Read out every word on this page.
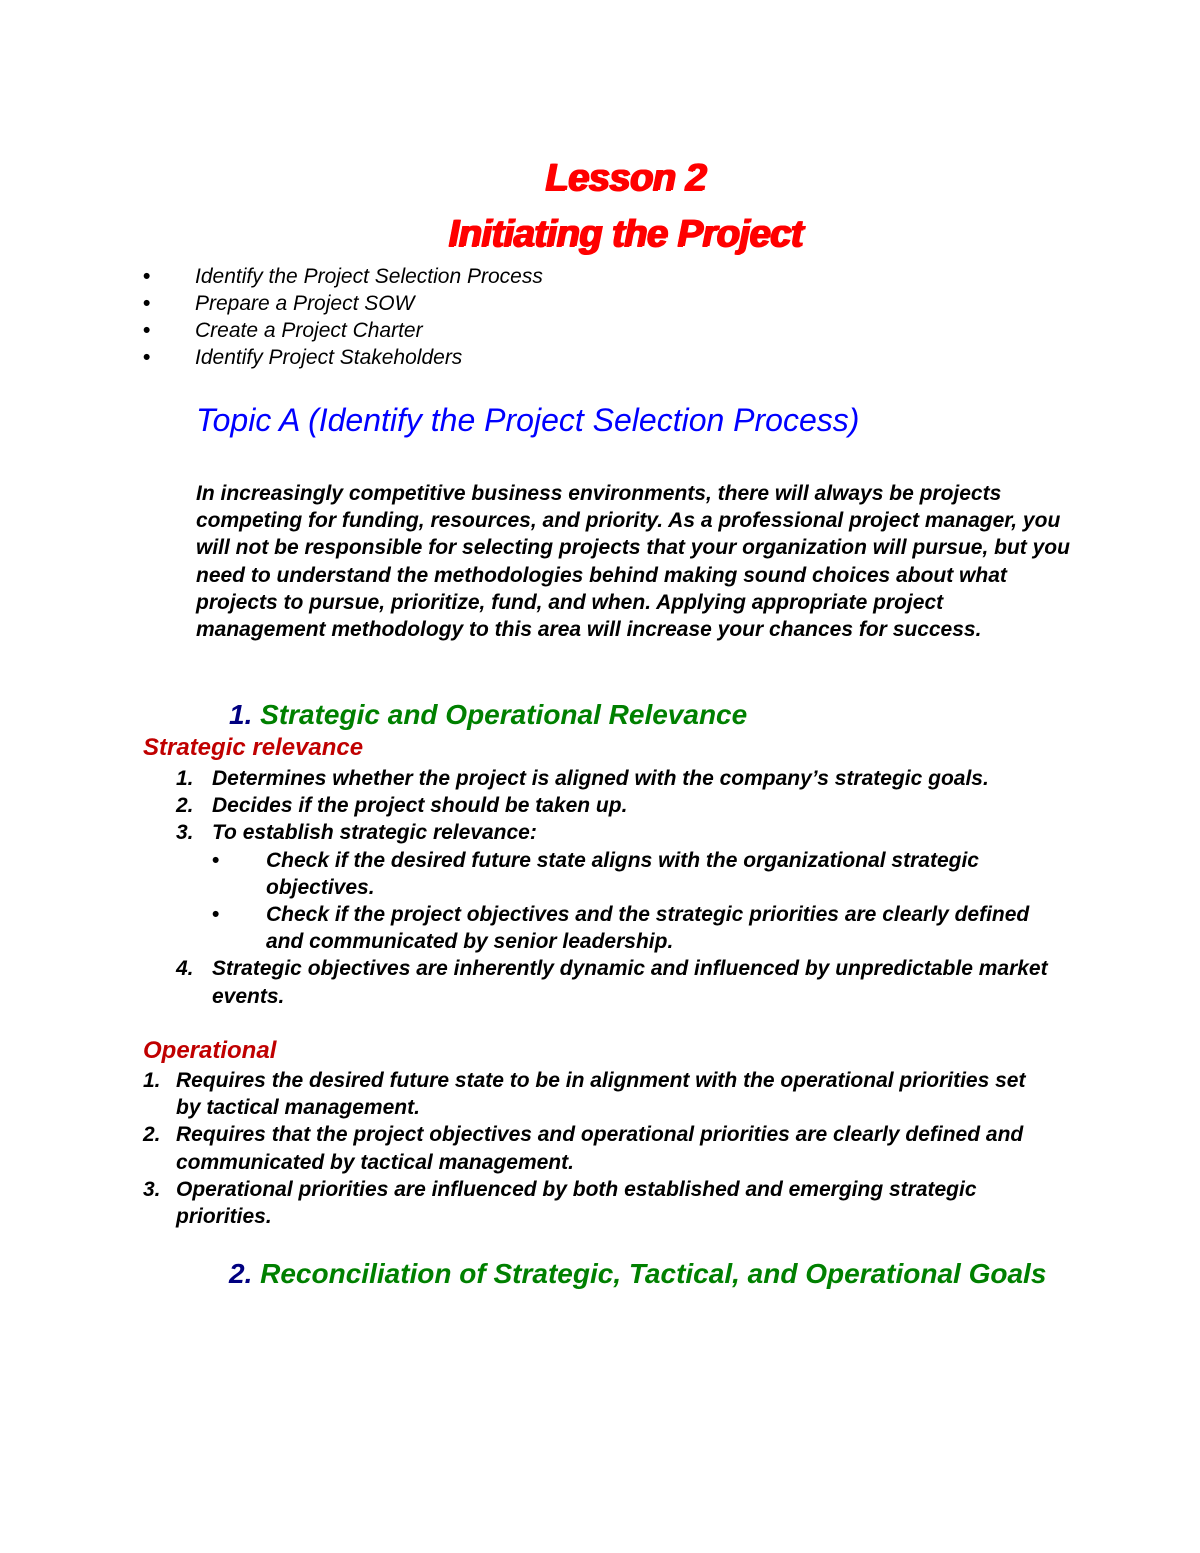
Lesson 2
Initiating the Project
• Identify the Project Selection Process
• Prepare a Project SOW
• Create a Project Charter
• Identify Project Stakeholders
Topic A (Identify the Project Selection Process)

In increasingly competitive business environments, there will always be projects competing for funding, resources, and priority. As a professional project manager, you will not be responsible for selecting projects that your organization will pursue, but you need to understand the methodologies behind making sound choices about what projects to pursue, prioritize, fund, and when. Applying appropriate project management methodology to this area will increase your chances for success.

1. Strategic and Operational Relevance
Strategic relevance
1. Determines whether the project is aligned with the company’s strategic goals.
2. Decides if the project should be taken up.
3. To establish strategic relevance:
• Check if the desired future state aligns with the organizational strategic objectives.
• Check if the project objectives and the strategic priorities are clearly defined and communicated by senior leadership.
4. Strategic objectives are inherently dynamic and influenced by unpredictable market events.
Operational
1. Requires the desired future state to be in alignment with the operational priorities set by tactical management.
2. Requires that the project objectives and operational priorities are clearly defined and communicated by tactical management.
3. Operational priorities are influenced by both established and emerging strategic priorities.
2. Reconciliation of Strategic, Tactical, and Operational Goals
